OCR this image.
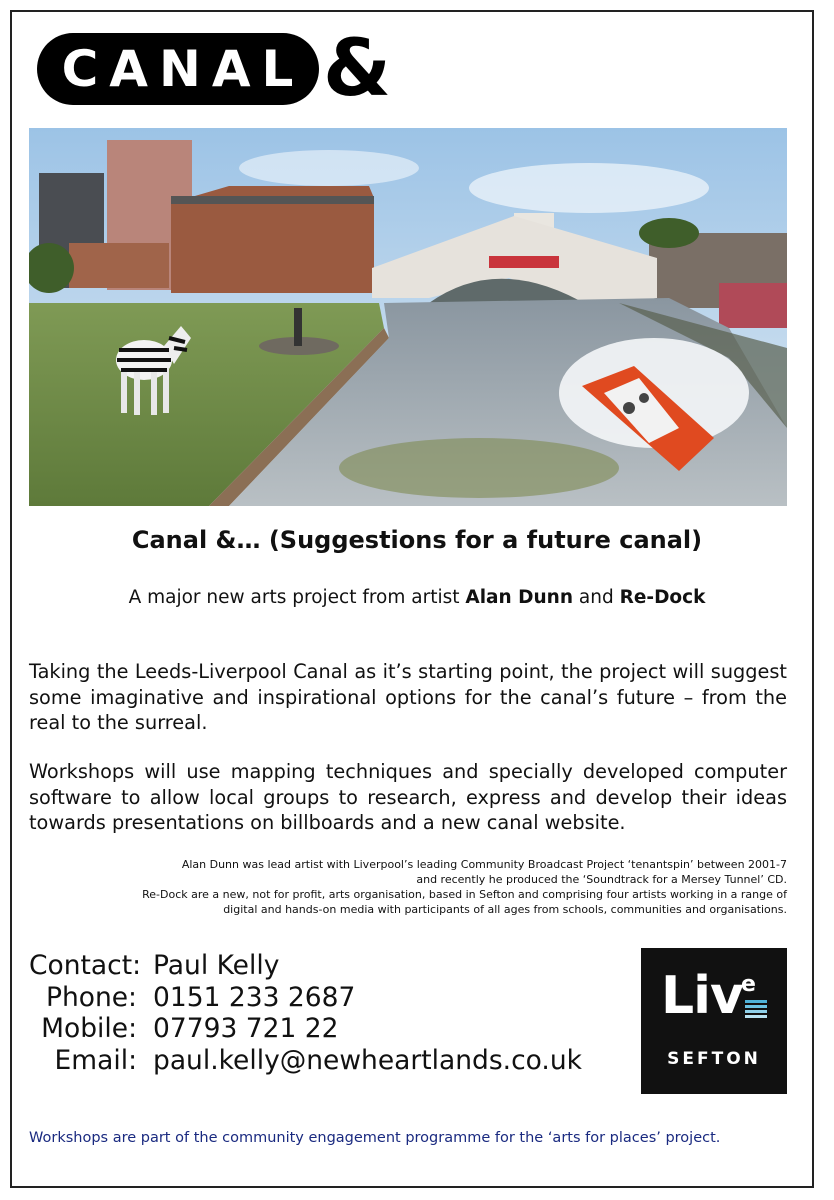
CANAL &
Canal &… (Suggestions for a future canal)
A major new arts project from artist Alan Dunn and Re-Dock
Taking the Leeds-Liverpool Canal as it’s starting point, the project will suggest some imaginative and inspirational options for the canal’s future – from the real to the surreal.
Workshops will use mapping techniques and specially developed computer software to allow local groups to research, express and develop their ideas towards presentations on billboards and a new canal website.
Alan Dunn was lead artist with Liverpool’s leading Community Broadcast Project ‘tenantspin’ between 2001-7
and recently he produced the ‘Soundtrack for a Mersey Tunnel’ CD.
Re-Dock are a new, not for profit, arts organisation, based in Sefton and comprising four artists working in a range of
digital and hands-on media with participants of all ages from schools, communities and organisations.
Contact: Paul Kelly
Phone: 0151 233 2687
Mobile: 07793 721 22
Email: paul.kelly@newheartlands.co.uk
Liv
e
SEFTON
Workshops are part of the community engagement programme for the ‘arts for places’ project.
